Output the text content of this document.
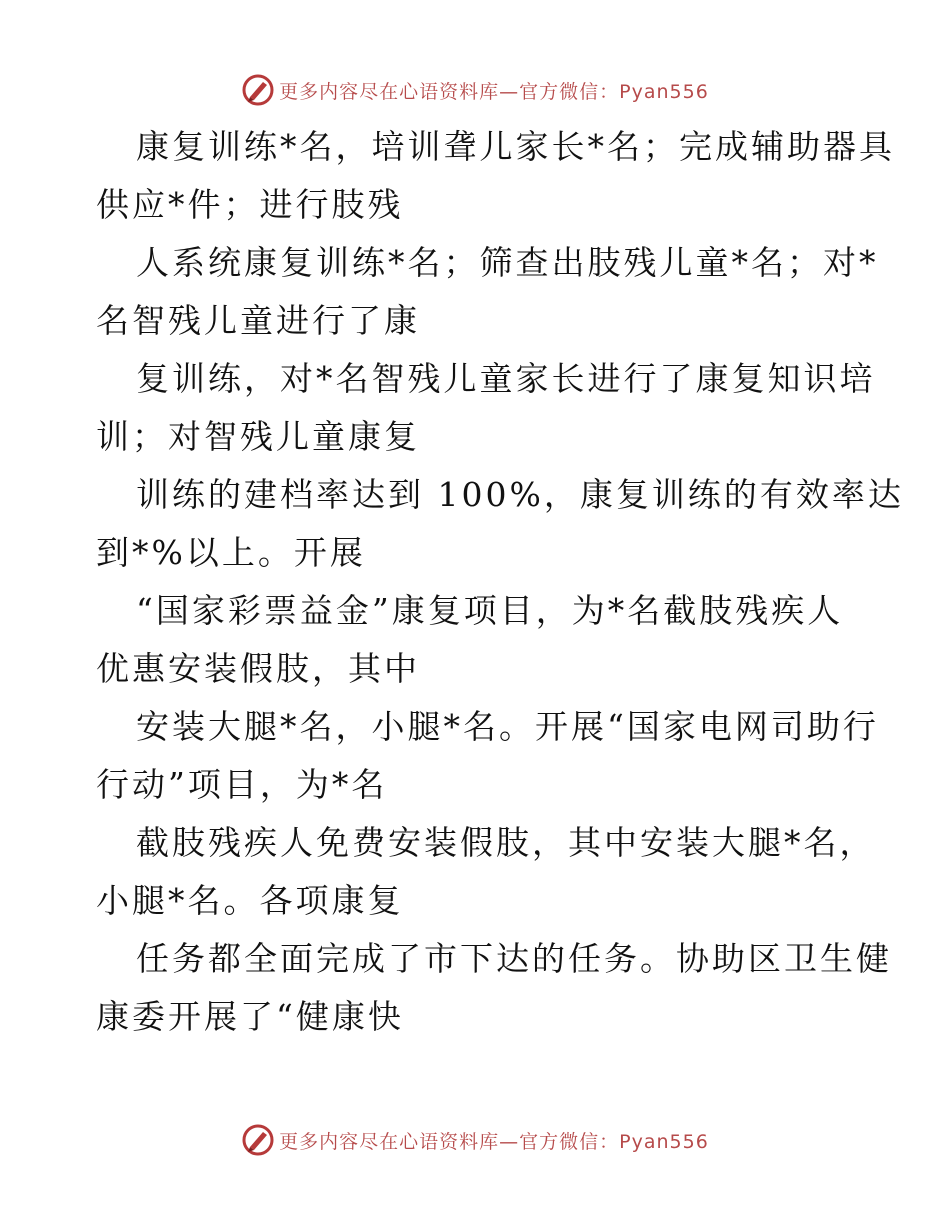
更多内容尽在心语资料库—官方微信：Pyan556
康复训练*名，培训聋儿家长*名；完成辅助器具
供应*件；进行肢残
人系统康复训练*名；筛查出肢残儿童*名；对*
名智残儿童进行了康
复训练，对*名智残儿童家长进行了康复知识培
训；对智残儿童康复
训练的建档率达到 100%，康复训练的有效率达
到*%以上。开展
“国家彩票益金”康复项目，为*名截肢残疾人
优惠安装假肢，其中
安装大腿*名，小腿*名。开展“国家电网司助行
行动”项目，为*名
截肢残疾人免费安装假肢，其中安装大腿*名，
小腿*名。各项康复
任务都全面完成了市下达的任务。协助区卫生健
康委开展了“健康快
更多内容尽在心语资料库—官方微信：Pyan556
